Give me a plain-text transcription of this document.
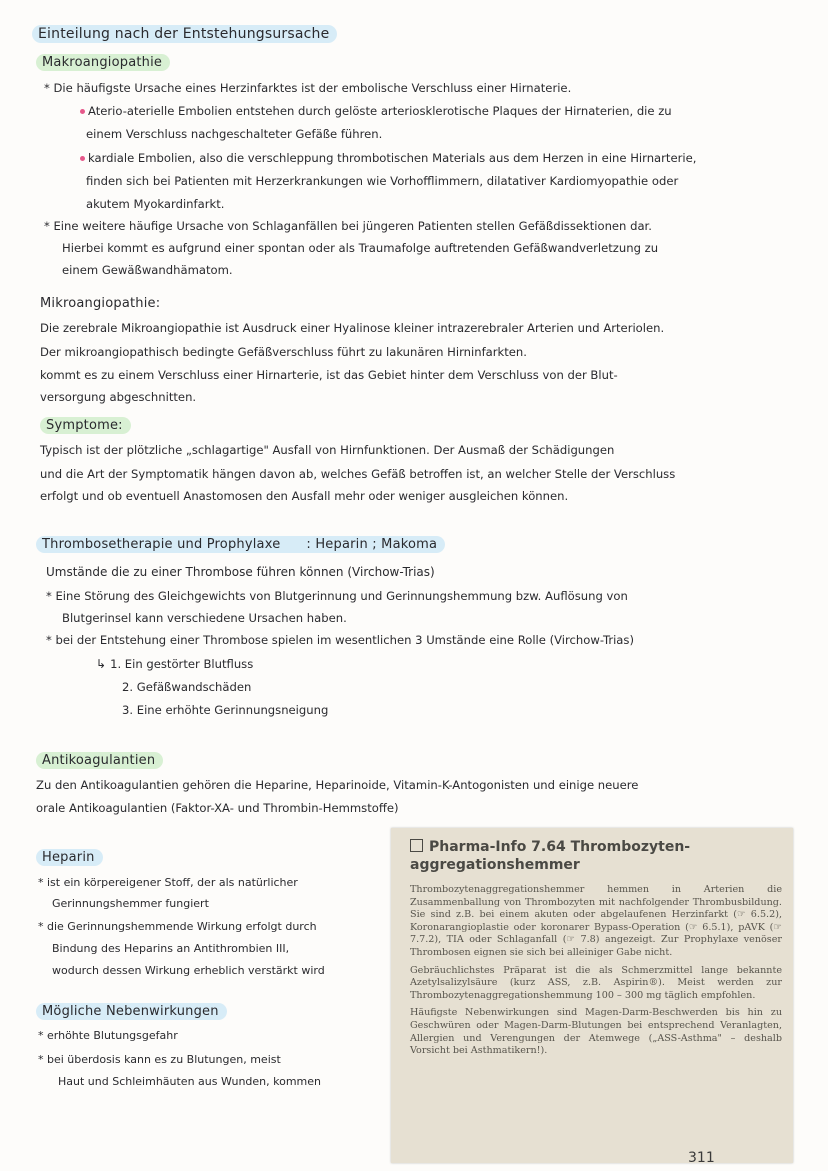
Einteilung nach der Entstehungsursache
Makroangiopathie
* Die häufigste Ursache eines Herzinfarktes ist der embolische Verschluss einer Hirnaterie.
Aterio-aterielle Embolien entstehen durch gelöste arteriosklerotische Plaques der Hirnaterien, die zu
einem Verschluss nachgeschalteter Gefäße führen.
kardiale Embolien, also die verschleppung thrombotischen Materials aus dem Herzen in eine Hirnarterie,
finden sich bei Patienten mit Herzerkrankungen wie Vorhofflimmern, dilatativer Kardiomyopathie oder
akutem Myokardinfarkt.
* Eine weitere häufige Ursache von Schlaganfällen bei jüngeren Patienten stellen Gefäßdissektionen dar.
Hierbei kommt es aufgrund einer spontan oder als Traumafolge auftretenden Gefäßwandverletzung zu
einem Gewäßwandhämatom.
Mikroangiopathie:
Die zerebrale Mikroangiopathie ist Ausdruck einer Hyalinose kleiner intrazerebraler Arterien und Arteriolen.
Der mikroangiopathisch bedingte Gefäßverschluss führt zu lakunären Hirninfarkten.
kommt es zu einem Verschluss einer Hirnarterie, ist das Gebiet hinter dem Verschluss von der Blut-
versorgung abgeschnitten.
Symptome:
Typisch ist der plötzliche „schlagartige" Ausfall von Hirnfunktionen. Der Ausmaß der Schädigungen
und die Art der Symptomatik hängen davon ab, welches Gefäß betroffen ist, an welcher Stelle der Verschluss
erfolgt und ob eventuell Anastomosen den Ausfall mehr oder weniger ausgleichen können.
Thrombosetherapie und Prophylaxe : Heparin ; Makoma
Umstände die zu einer Thrombose führen können (Virchow-Trias)
* Eine Störung des Gleichgewichts von Blutgerinnung und Gerinnungshemmung bzw. Auflösung von
Blutgerinsel kann verschiedene Ursachen haben.
* bei der Entstehung einer Thrombose spielen im wesentlichen 3 Umstände eine Rolle (Virchow-Trias)
↳ 1. Ein gestörter Blutfluss
2. Gefäßwandschäden
3. Eine erhöhte Gerinnungsneigung
Antikoagulantien
Zu den Antikoagulantien gehören die Heparine, Heparinoide, Vitamin-K-Antogonisten und einige neuere
orale Antikoagulantien (Faktor-XA- und Thrombin-Hemmstoffe)
Heparin
* ist ein körpereigener Stoff, der als natürlicher
Gerinnungshemmer fungiert
* die Gerinnungshemmende Wirkung erfolgt durch
Bindung des Heparins an Antithrombien III,
wodurch dessen Wirkung erheblich verstärkt wird
Mögliche Nebenwirkungen
* erhöhte Blutungsgefahr
* bei überdosis kann es zu Blutungen, meist
Haut und Schleimhäuten aus Wunden, kommen
Pharma-Info 7.64 Thrombozyten-
aggregationshemmer

Thrombozytenaggregationshemmer hemmen in Arterien die Zusammenballung von Thrombozyten mit nachfolgender Thrombusbildung. Sie sind z.B. bei einem akuten oder abgelaufenen Herzinfarkt (☞ 6.5.2), Koronarangioplastie oder koronarer Bypass-Operation (☞ 6.5.1), pAVK (☞ 7.7.2), TIA oder Schlaganfall (☞ 7.8) angezeigt. Zur Prophylaxe venöser Thrombosen eignen sie sich bei alleiniger Gabe nicht.

Gebräuchlichstes Präparat ist die als Schmerzmittel lange bekannte Azetylsalizylsäure (kurz ASS, z.B. Aspirin®). Meist werden zur Thrombozytenaggregationshemmung 100 – 300 mg täglich empfohlen.

Häufigste Nebenwirkungen sind Magen-Darm-Beschwerden bis hin zu Geschwüren oder Magen-Darm-Blutungen bei entsprechend Veranlagten, Allergien und Verengungen der Atemwege („ASS-Asthma" – deshalb Vorsicht bei Asthmatikern!).

311
